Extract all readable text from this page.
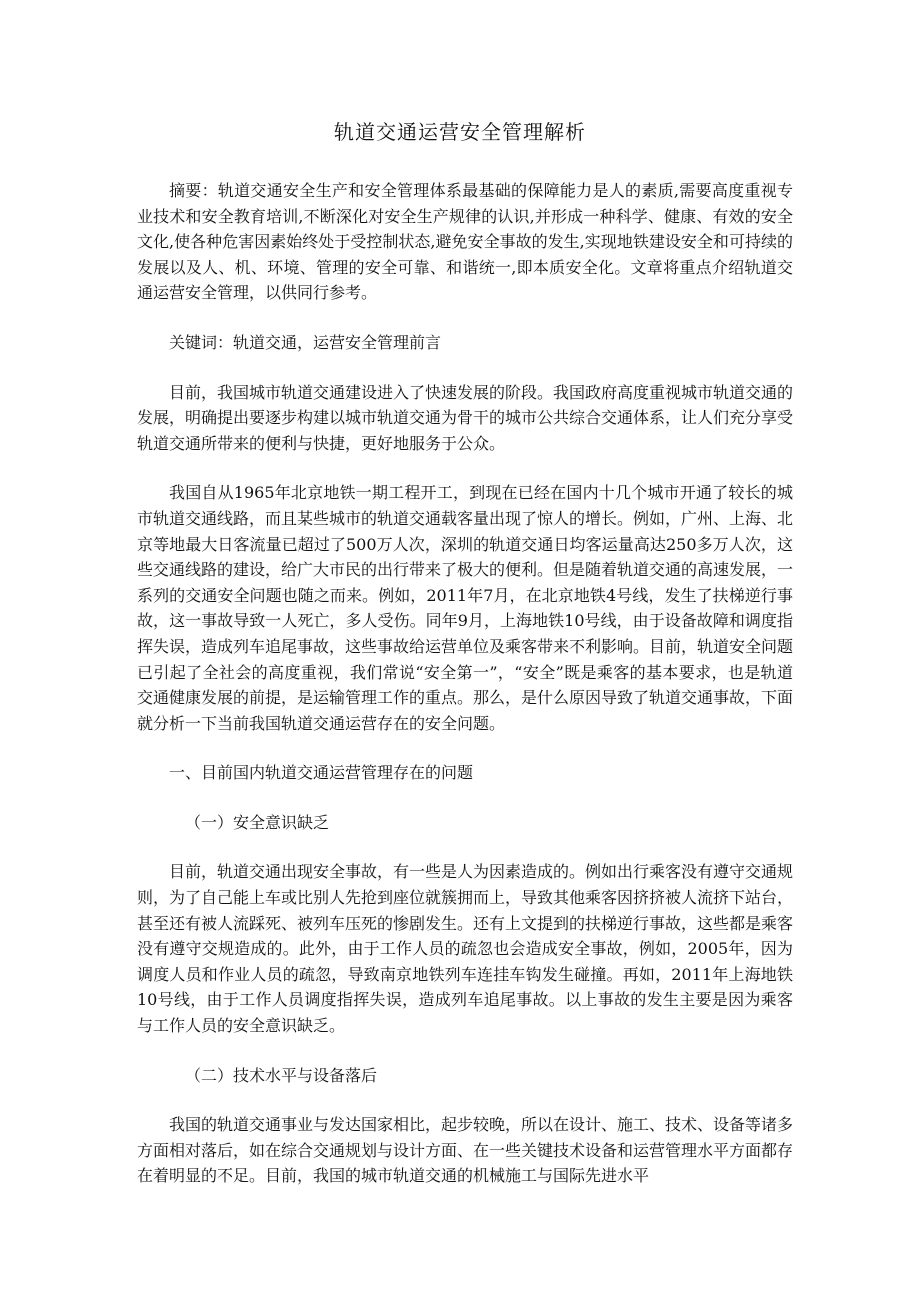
轨道交通运营安全管理解析

摘要：轨道交通安全生产和安全管理体系最基础的保障能力是人的素质,需要高度重视专业技术和安全教育培训,不断深化对安全生产规律的认识,并形成一种科学、健康、有效的安全文化,使各种危害因素始终处于受控制状态,避免安全事故的发生,实现地铁建设安全和可持续的发展以及人、机、环境、管理的安全可靠、和谐统一,即本质安全化。文章将重点介绍轨道交通运营安全管理，以供同行参考。

关键词：轨道交通，运营安全管理前言

目前，我国城市轨道交通建设进入了快速发展的阶段。我国政府高度重视城市轨道交通的发展，明确提出要逐步构建以城市轨道交通为骨干的城市公共综合交通体系，让人们充分享受轨道交通所带来的便利与快捷，更好地服务于公众。

我国自从1965年北京地铁一期工程开工，到现在已经在国内十几个城市开通了较长的城市轨道交通线路，而且某些城市的轨道交通载客量出现了惊人的增长。例如，广州、上海、北京等地最大日客流量已超过了500万人次，深圳的轨道交通日均客运量高达250多万人次，这些交通线路的建设，给广大市民的出行带来了极大的便利。但是随着轨道交通的高速发展，一系列的交通安全问题也随之而来。例如，2011年7月，在北京地铁4号线，发生了扶梯逆行事故，这一事故导致一人死亡，多人受伤。同年9月，上海地铁10号线，由于设备故障和调度指挥失误，造成列车追尾事故，这些事故给运营单位及乘客带来不利影响。目前，轨道安全问题已引起了全社会的高度重视，我们常说“安全第一”，“安全”既是乘客的基本要求，也是轨道交通健康发展的前提，是运输管理工作的重点。那么，是什么原因导致了轨道交通事故，下面就分析一下当前我国轨道交通运营存在的安全问题。

一、目前国内轨道交通运营管理存在的问题

（一）安全意识缺乏

目前，轨道交通出现安全事故，有一些是人为因素造成的。例如出行乘客没有遵守交通规则，为了自己能上车或比别人先抢到座位就簇拥而上，导致其他乘客因挤挤被人流挤下站台，甚至还有被人流踩死、被列车压死的惨剧发生。还有上文提到的扶梯逆行事故，这些都是乘客没有遵守交规造成的。此外，由于工作人员的疏忽也会造成安全事故，例如，2005年，因为调度人员和作业人员的疏忽，导致南京地铁列车连挂车钩发生碰撞。再如，2011年上海地铁10号线，由于工作人员调度指挥失误，造成列车追尾事故。以上事故的发生主要是因为乘客与工作人员的安全意识缺乏。

（二）技术水平与设备落后

我国的轨道交通事业与发达国家相比，起步较晚，所以在设计、施工、技术、设备等诸多方面相对落后，如在综合交通规划与设计方面、在一些关键技术设备和运营管理水平方面都存在着明显的不足。目前，我国的城市轨道交通的机械施工与国际先进水平
